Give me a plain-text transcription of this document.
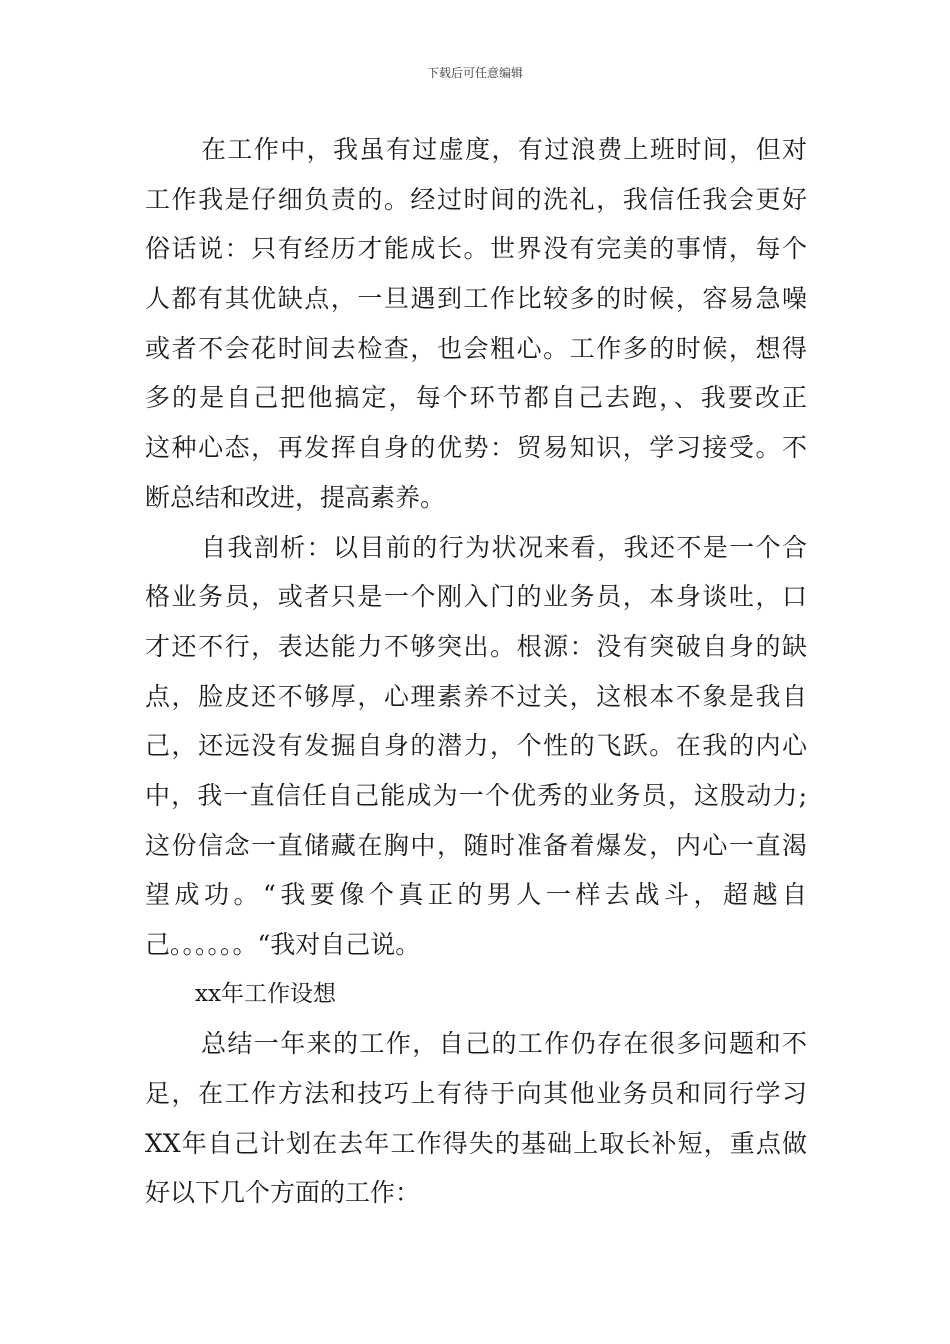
下载后可任意编辑
在工作中，我虽有过虚度，有过浪费上班时间，但对
工作我是仔细负责的。经过时间的洗礼，我信任我会更好
俗话说：只有经历才能成长。世界没有完美的事情，每个
人都有其优缺点，一旦遇到工作比较多的时候，容易急噪
或者不会花时间去检查，也会粗心。工作多的时候，想得
多的是自己把他搞定，每个环节都自己去跑，、我要改正
这种心态，再发挥自身的优势：贸易知识，学习接受。不
断总结和改进，提高素养。
自我剖析：以目前的行为状况来看，我还不是一个合
格业务员，或者只是一个刚入门的业务员，本身谈吐，口
才还不行，表达能力不够突出。根源：没有突破自身的缺
点，脸皮还不够厚，心理素养不过关，这根本不象是我自
己，还远没有发掘自身的潜力，个性的飞跃。在我的内心
中，我一直信任自己能成为一个优秀的业务员，这股动力;
这份信念一直储藏在胸中，随时准备着爆发，内心一直渴
望成功。“我要像个真正的男人一样去战斗，超越自
己。。。。。。“我对自己说。
xx年工作设想
总结一年来的工作，自己的工作仍存在很多问题和不
足，在工作方法和技巧上有待于向其他业务员和同行学习
XX年自己计划在去年工作得失的基础上取长补短，重点做
好以下几个方面的工作：
